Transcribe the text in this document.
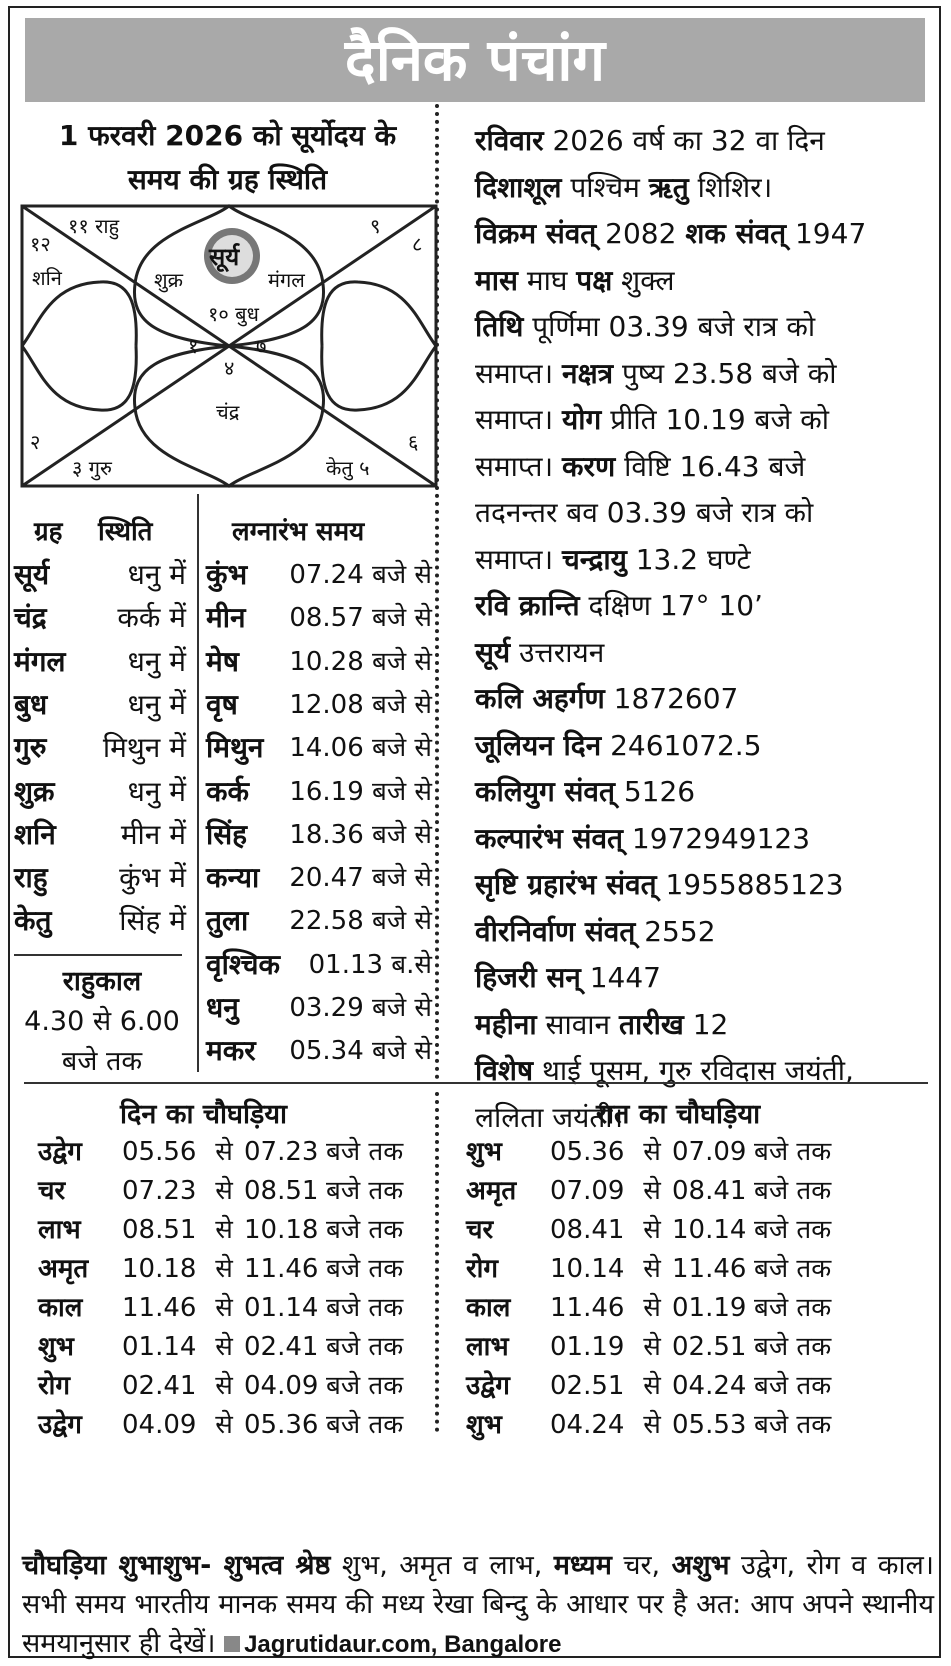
दैनिक पंचांग
1 फरवरी 2026 को सूर्योदय के
समय की ग्रह स्थिति
१२
११ राहु	९
८
शनि	शुक्र
सूर्य
मंगल
१० बुध
१
४
७
चंद्र
२
३ गुरु	केतु ५
६
ग्रह स्थिति
सूर्य	धनु में
चंद्र	कर्क में
मंगल	धनु में
बुध	धनु में
गुरु	मिथुन में
शुक्र	धनु में
शनि	मीन में
राहु	कुंभ में
केतु	सिंह में
राहुकाल
4.30 से 6.00
बजे तक
लग्नारंभ समय
कुंभ	07.24 बजे से
मीन	08.57 बजे से
मेष	10.28 बजे से
वृष	12.08 बजे से
मिथुन 14.06 बजे से
कर्क	16.19 बजे से
सिंह	18.36 बजे से
कन्या	20.47 बजे से
तुला	22.58 बजे से
वृश्चिक	01.13 ब.से
धनु	03.29 बजे से
मकर	05.34 बजे से

रविवार 2026 वर्ष का 32 वा दिन

दिशाशूल पश्चिम ऋतु शिशिर।

विक्रम संवत् 2082 शक संवत् 1947

मास माघ पक्ष शुक्ल

तिथि पूर्णिमा 03.39 बजे रात्र को

समाप्त। नक्षत्र पुष्य 23.58 बजे को

समाप्त। योग प्रीति 10.19 बजे को

समाप्त। करण विष्टि 16.43 बजे

तदनन्तर बव 03.39 बजे रात्र को

समाप्त। चन्द्रायु 13.2 घण्टे

रवि क्रान्ति दक्षिण 17° 10’

सूर्य उत्तरायन

कलि अहर्गण 1872607

जूलियन दिन 2461072.5

कलियुग संवत् 5126

कल्पारंभ संवत् 1972949123

सृष्टि ग्रहारंभ संवत् 1955885123

वीरनिर्वाण संवत् 2552

हिजरी सन् 1447

महीना सावान तारीख 12

विशेष थाई पूसम, गुरु रविदास जयंती,

ललिता जयंती।

दिन का चौघड़िया	रात का चौघड़िया
उद्वेग 05.56 से 07.23 बजे तक
चर 07.23 से 08.51 बजे तक
लाभ 08.51 से 10.18 बजे तक
अमृत 10.18 से 11.46 बजे तक
काल 11.46 से 01.14 बजे तक
शुभ 01.14 से 02.41 बजे तक
रोग 02.41 से 04.09 बजे तक
उद्वेग 04.09 से 05.36 बजे तक
शुभ 05.36 से 07.09 बजे तक
अमृत 07.09 से 08.41 बजे तक
चर 08.41 से 10.14 बजे तक
रोग 10.14 से 11.46 बजे तक
काल 11.46 से 01.19 बजे तक
लाभ 01.19 से 02.51 बजे तक
उद्वेग 02.51 से 04.24 बजे तक
शुभ 04.24 से 05.53 बजे तक
चौघड़िया शुभाशुभ- शुभत्व श्रेष्ठ शुभ, अमृत व लाभ, मध्यम चर, अशुभ उद्वेग, रोग व काल। सभी समय भारतीय मानक समय की मध्य रेखा बिन्दु के आधार पर है अत: आप अपने स्थानीय समयानुसार ही देखें। Jagrutidaur.com, Bangalore
